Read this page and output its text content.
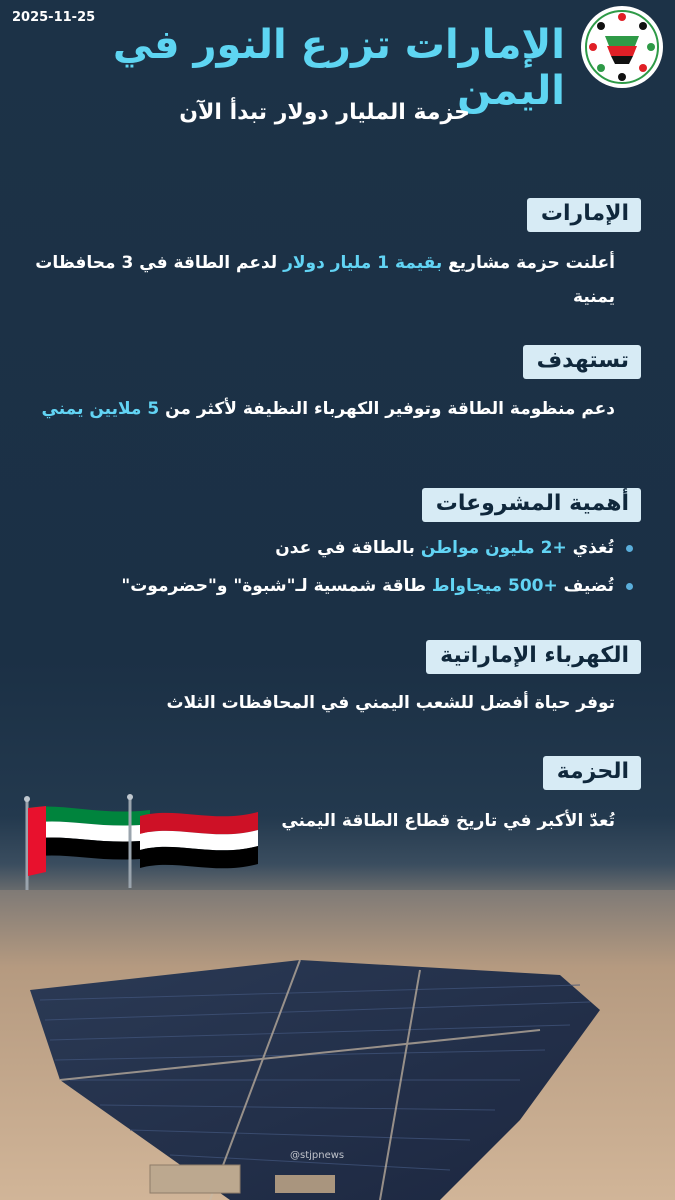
2025-11-25
الإمارات تزرع النور في اليمن
حزمة المليار دولار تبدأ الآن
الإمارات
أعلنت حزمة مشاريع بقيمة 1 مليار دولار لدعم الطاقة في 3 محافظات يمنية
تستهدف
دعم منظومة الطاقة وتوفير الكهرباء النظيفة لأكثر من 5 ملايين يمني
أهمية المشروعات
تُغذي +2 مليون مواطن بالطاقة في عدن
تُضيف +500 ميجاواط طاقة شمسية لـ"شبوة" و"حضرموت"
الكهرباء الإماراتية
توفر حياة أفضل للشعب اليمني في المحافظات الثلاث
الحزمة
تُعدّ الأكبر في تاريخ قطاع الطاقة اليمني
@stjpnews
